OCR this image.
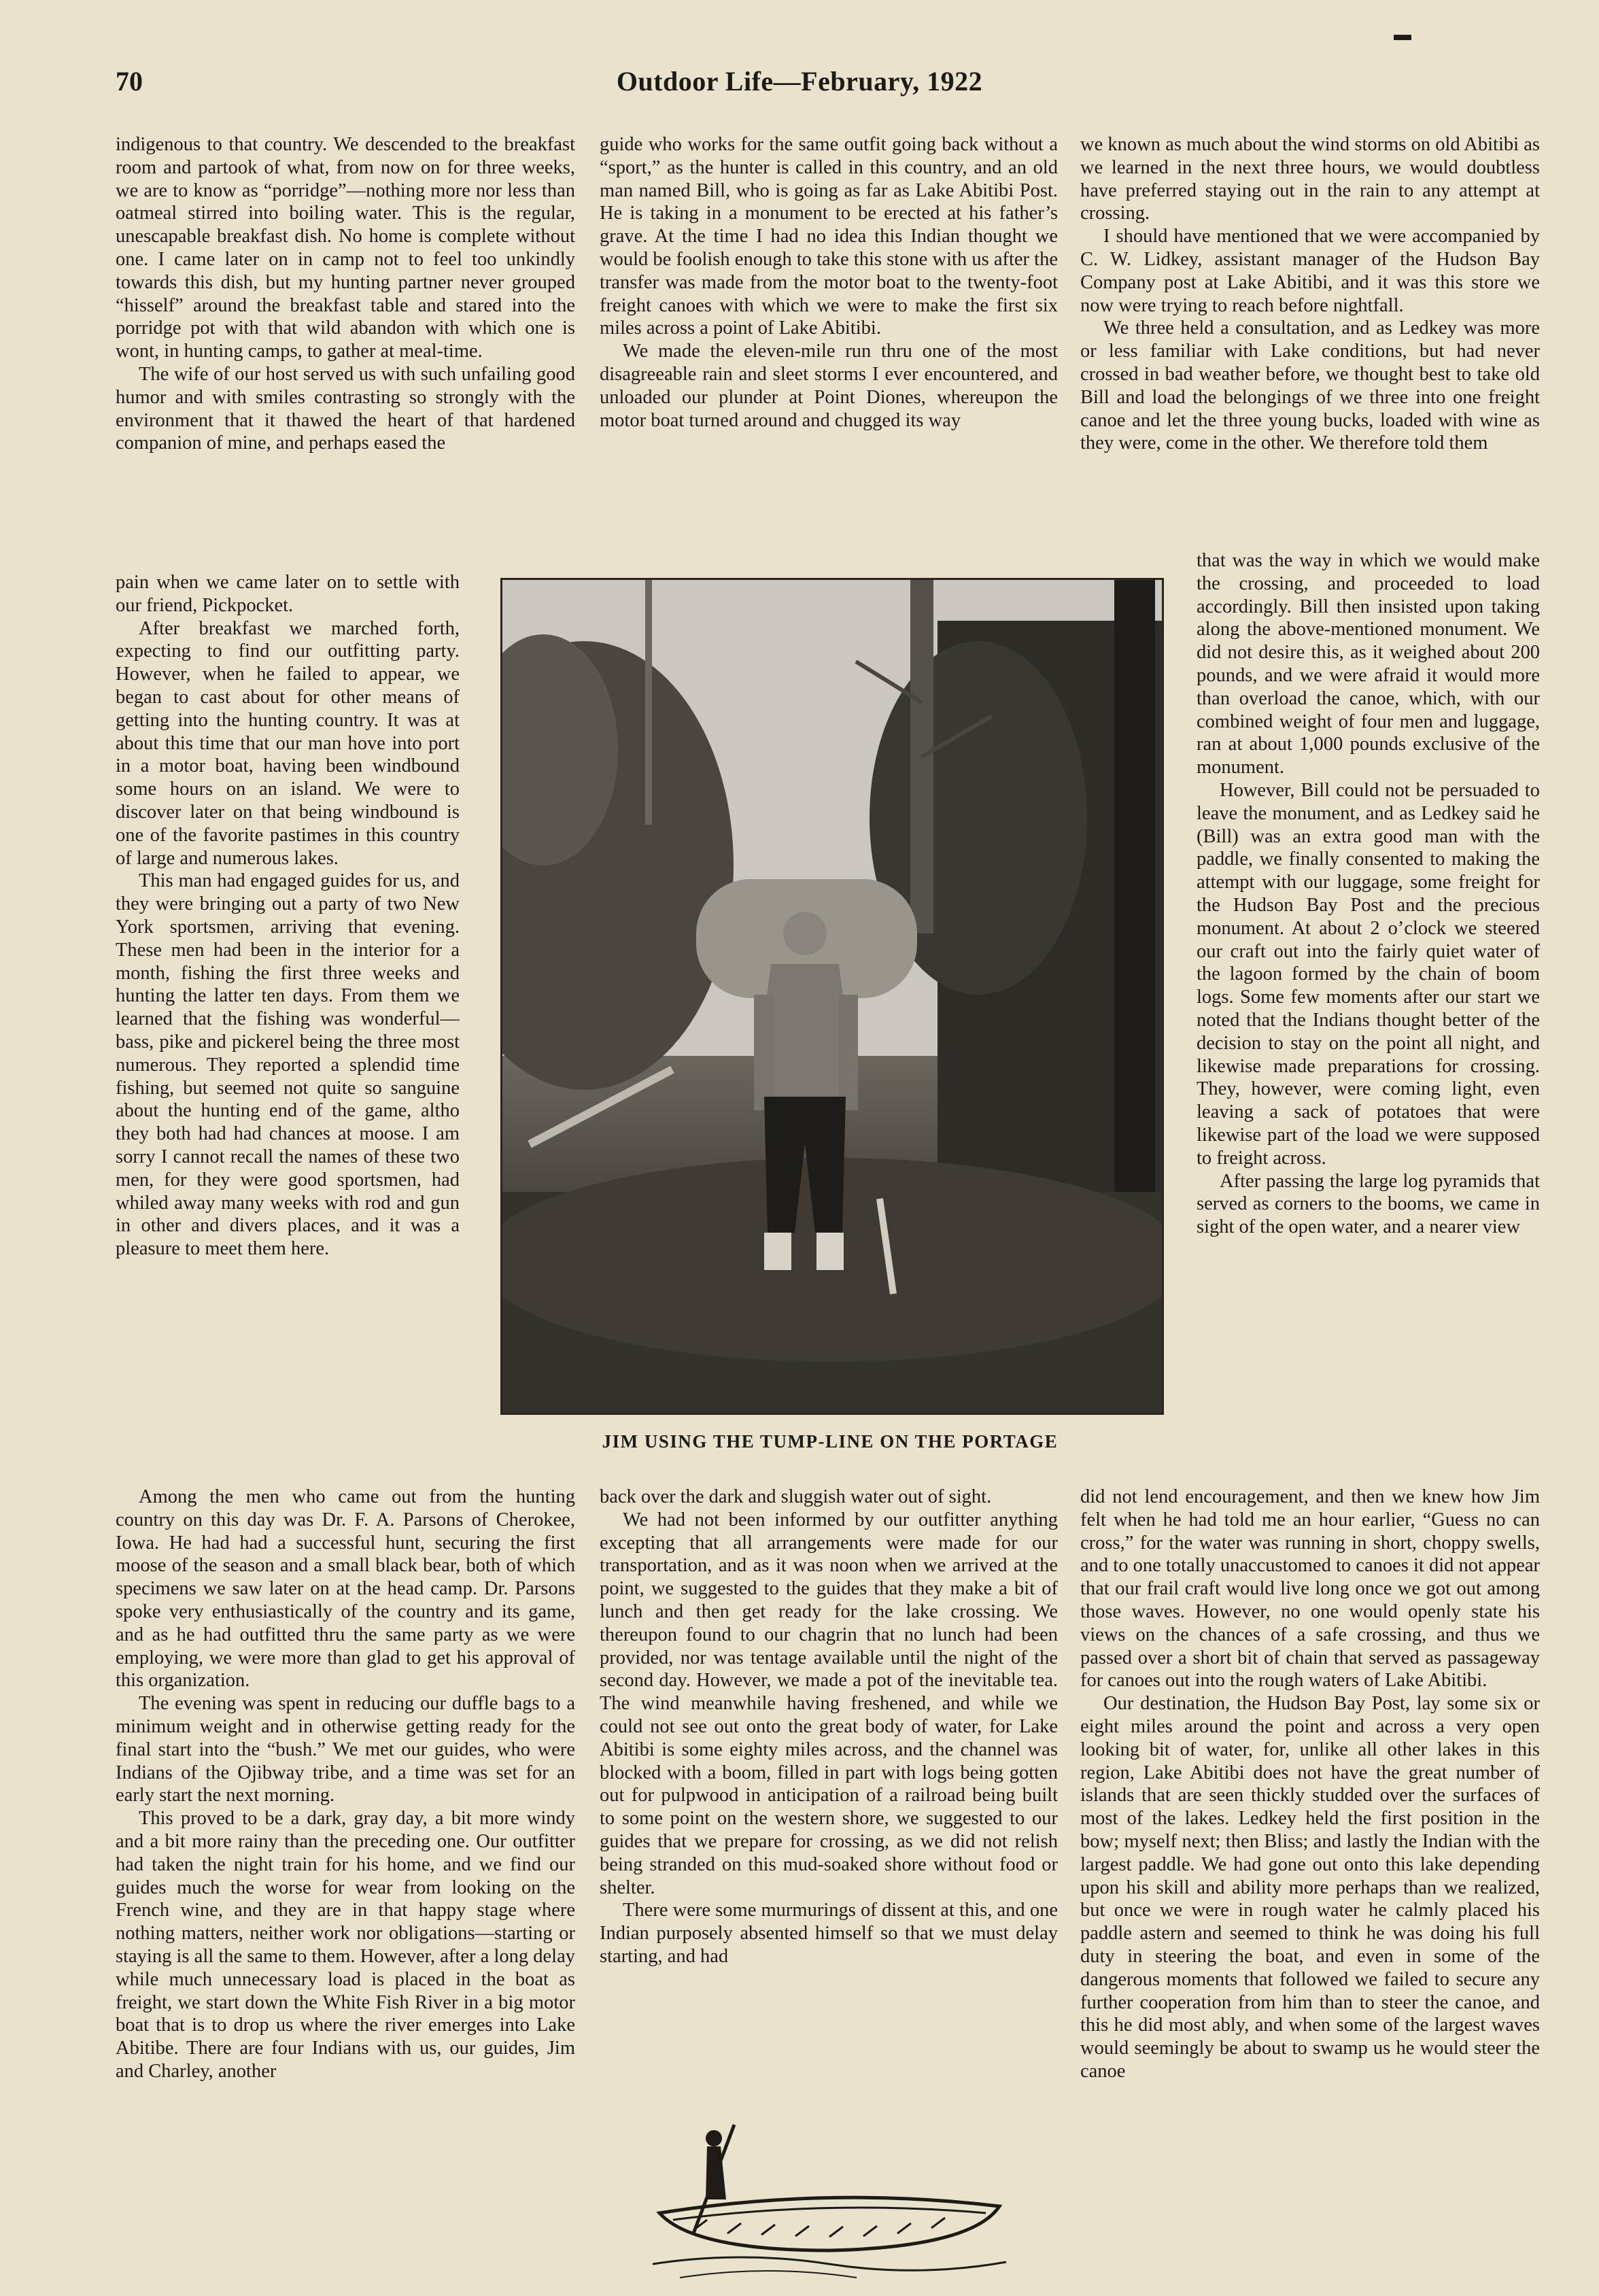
70	Outdoor Life—February, 1922
▬

indigenous to that country. We descended to the breakfast room and partook of what, from now on for three weeks, we are to know as “porridge”—nothing more nor less than oatmeal stirred into boiling water. This is the regular, unescapable breakfast dish. No home is complete without one. I came later on in camp not to feel too unkindly towards this dish, but my hunting partner never grouped “hisself” around the breakfast table and stared into the porridge pot with that wild abandon with which one is wont, in hunting camps, to gather at meal-time.

The wife of our host served us with such unfailing good humor and with smiles contrasting so strongly with the environment that it thawed the heart of that hardened companion of mine, and perhaps eased the

pain when we came later on to settle with our friend, Pickpocket.

After breakfast we marched forth, expecting to find our outfitting party. However, when he failed to appear, we began to cast about for other means of getting into the hunting country. It was at about this time that our man hove into port in a motor boat, having been windbound some hours on an island. We were to discover later on that being windbound is one of the favorite pastimes in this country of large and numerous lakes.

This man had engaged guides for us, and they were bringing out a party of two New York sportsmen, arriving that evening. These men had been in the interior for a month, fishing the first three weeks and hunting the latter ten days. From them we learned that the fishing was wonderful—bass, pike and pickerel being the three most numerous. They reported a splendid time fishing, but seemed not quite so sanguine about the hunting end of the game, altho they both had had chances at moose. I am sorry I cannot recall the names of these two men, for they were good sportsmen, had whiled away many weeks with rod and gun in other and divers places, and it was a pleasure to meet them here.

Among the men who came out from the hunting country on this day was Dr. F. A. Parsons of Cherokee, Iowa. He had had a successful hunt, securing the first moose of the season and a small black bear, both of which specimens we saw later on at the head camp. Dr. Parsons spoke very enthusiastically of the country and its game, and as he had outfitted thru the same party as we were employing, we were more than glad to get his approval of this organization.

The evening was spent in reducing our duffle bags to a minimum weight and in otherwise getting ready for the final start into the “bush.” We met our guides, who were Indians of the Ojibway tribe, and a time was set for an early start the next morning.

This proved to be a dark, gray day, a bit more windy and a bit more rainy than the preceding one. Our outfitter had taken the night train for his home, and we find our guides much the worse for wear from looking on the French wine, and they are in that happy stage where nothing matters, neither work nor obligations—starting or staying is all the same to them. However, after a long delay while much unnecessary load is placed in the boat as freight, we start down the White Fish River in a big motor boat that is to drop us where the river emerges into Lake Abitibe. There are four Indians with us, our guides, Jim and Charley, another

guide who works for the same outfit going back without a “sport,” as the hunter is called in this country, and an old man named Bill, who is going as far as Lake Abitibi Post. He is taking in a monument to be erected at his father’s grave. At the time I had no idea this Indian thought we would be foolish enough to take this stone with us after the transfer was made from the motor boat to the twenty-foot freight canoes with which we were to make the first six miles across a point of Lake Abitibi.

We made the eleven-mile run thru one of the most disagreeable rain and sleet storms I ever encountered, and unloaded our plunder at Point Diones, whereupon the motor boat turned around and chugged its way

back over the dark and sluggish water out of sight.

We had not been informed by our outfitter anything excepting that all arrangements were made for our transportation, and as it was noon when we arrived at the point, we suggested to the guides that they make a bit of lunch and then get ready for the lake crossing. We thereupon found to our chagrin that no lunch had been provided, nor was tentage available until the night of the second day. However, we made a pot of the inevitable tea. The wind meanwhile having freshened, and while we could not see out onto the great body of water, for Lake Abitibi is some eighty miles across, and the channel was blocked with a boom, filled in part with logs being gotten out for pulpwood in anticipation of a railroad being built to some point on the western shore, we suggested to our guides that we prepare for crossing, as we did not relish being stranded on this mud-soaked shore without food or shelter.

There were some murmurings of dissent at this, and one Indian purposely absented himself so that we must delay starting, and had

we known as much about the wind storms on old Abitibi as we learned in the next three hours, we would doubtless have preferred staying out in the rain to any attempt at crossing.

I should have mentioned that we were accompanied by C. W. Lidkey, assistant manager of the Hudson Bay Company post at Lake Abitibi, and it was this store we now were trying to reach before nightfall.

We three held a consultation, and as Ledkey was more or less familiar with Lake conditions, but had never crossed in bad weather before, we thought best to take old Bill and load the belongings of we three into one freight canoe and let the three young bucks, loaded with wine as they were, come in the other. We therefore told them

that was the way in which we would make the crossing, and proceeded to load accordingly. Bill then insisted upon taking along the above-mentioned monument. We did not desire this, as it weighed about 200 pounds, and we were afraid it would more than overload the canoe, which, with our combined weight of four men and luggage, ran at about 1,000 pounds exclusive of the monument.

However, Bill could not be persuaded to leave the monument, and as Ledkey said he (Bill) was an extra good man with the paddle, we finally consented to making the attempt with our luggage, some freight for the Hudson Bay Post and the precious monument. At about 2 o’clock we steered our craft out into the fairly quiet water of the lagoon formed by the chain of boom logs. Some few moments after our start we noted that the Indians thought better of the decision to stay on the point all night, and likewise made preparations for crossing. They, however, were coming light, even leaving a sack of potatoes that were likewise part of the load we were supposed to freight across.

After passing the large log pyramids that served as corners to the booms, we came in sight of the open water, and a nearer view

did not lend encouragement, and then we knew how Jim felt when he had told me an hour earlier, “Guess no can cross,” for the water was running in short, choppy swells, and to one totally unaccustomed to canoes it did not appear that our frail craft would live long once we got out among those waves. However, no one would openly state his views on the chances of a safe crossing, and thus we passed over a short bit of chain that served as passageway for canoes out into the rough waters of Lake Abitibi.

Our destination, the Hudson Bay Post, lay some six or eight miles around the point and across a very open looking bit of water, for, unlike all other lakes in this region, Lake Abitibi does not have the great number of islands that are seen thickly studded over the surfaces of most of the lakes. Ledkey held the first position in the bow; myself next; then Bliss; and lastly the Indian with the largest paddle. We had gone out onto this lake depending upon his skill and ability more perhaps than we realized, but once we were in rough water he calmly placed his paddle astern and seemed to think he was doing his full duty in steering the boat, and even in some of the dangerous moments that followed we failed to secure any further cooperation from him than to steer the canoe, and this he did most ably, and when some of the largest waves would seemingly be about to swamp us he would steer the canoe

JIM USING THE TUMP-LINE ON THE PORTAGE
